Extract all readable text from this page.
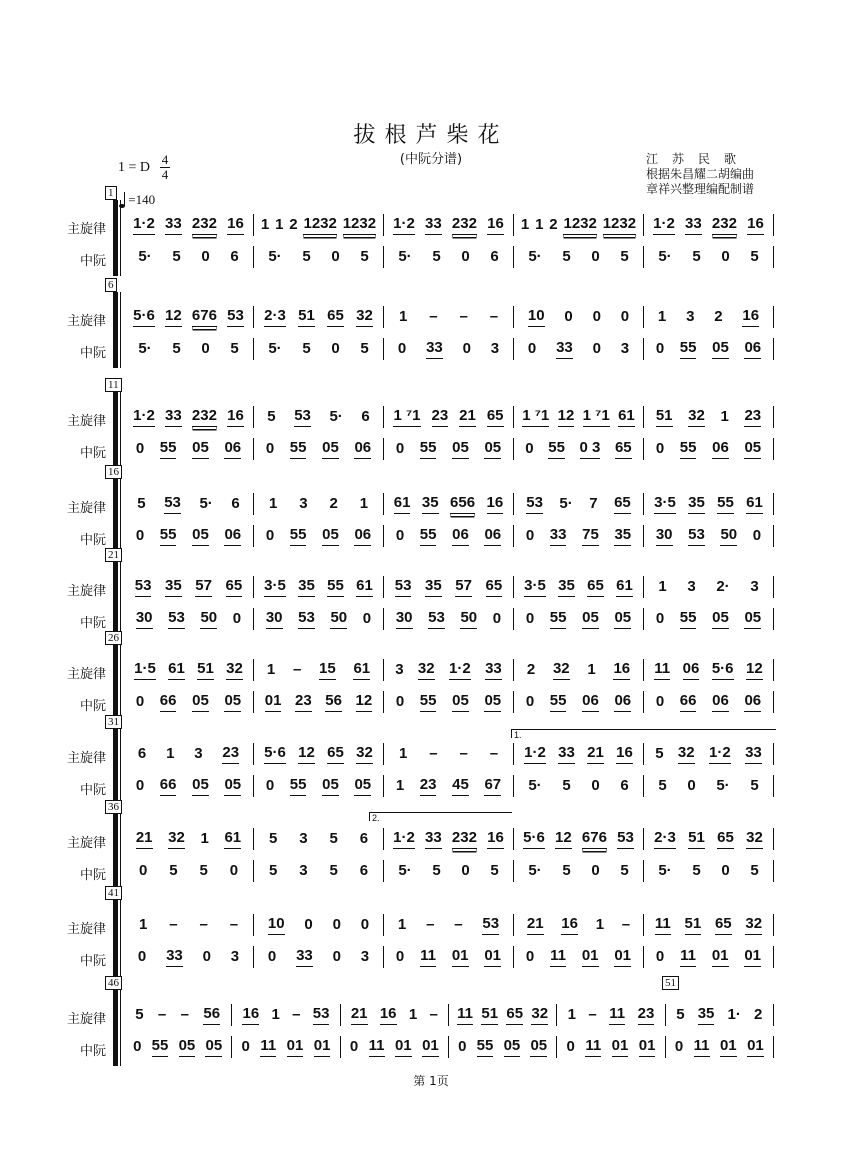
拔根芦柴花
(中阮分谱)	江苏民歌
根据朱昌耀二胡编曲
章祥兴整理编配制谱
1 = D
4
4
=140
1
主旋律
中阮
1·2 33 232 16 1 1 2 1232 1232 1·2 33 232 16 1 1 2 1232 1232 1·2 33 232 16
5· 5 0 6 5· 5 0 5 5· 5 0 6 5· 5 0 5 5· 5 0 5
6
主旋律
中阮
5·6 12 676 53 2·3 51 65 32 1 – – – 10 0 0 0 1 3 2 16
5· 5 0 5 5· 5 0 5 0 33 0 3 0 33 0 3 0 55 05 06
11
主旋律
中阮
1·2 33 232 16 5 53 5· 6 1 ⁷1 23 21 65 1 ⁷1 12 1 ⁷1 61 51 32 1 23
0 55 05 06 0 55 05 06 0 55 05 05 0 55 0 3 65 0 55 06 05
16
主旋律
中阮
5 53 5· 6 1 3 2 1 61 35 656 16 53 5· 7 65 3·5 35 55 61
0 55 05 06 0 55 05 06 0 55 06 06 0 33 75 35 30 53 50 0
21
主旋律
中阮
53 35 57 65 3·5 35 55 61 53 35 57 65 3·5 35 65 61 1 3 2· 3
30 53 50 0 30 53 50 0 30 53 50 0 0 55 05 05 0 55 05 05
26
主旋律
中阮
1·5 61 51 32 1 – 15 61 3 32 1·2 33 2 32 1 16 11 06 5·6 12
0 66 05 05 01 23 56 12 0 55 05 05 0 55 06 06 0 66 06 06
31
主旋律
中阮
6 1 3 23 5·6 12 65 32 1 – – – 1·2 33 21 16 5 32 1·2 33
0 66 05 05 0 55 05 05 1 23 45 67 5· 5 0 6 5 0 5· 5
36
主旋律
中阮
21 32 1 61 5 3 5 6 1·2 33 232 16 5·6 12 676 53 2·3 51 65 32
0 5 5 0 5 3 5 6 5· 5 0 5 5· 5 0 5 5· 5 0 5
41
主旋律
中阮
1 – – – 10 0 0 0 1 – – 53 21 16 1 – 11 51 65 32
0 33 0 3 0 33 0 3 0 11 01 01 0 11 01 01 0 11 01 01
46
主旋律
中阮
5 – – 56 16 1 – 53 21 16 1 – 11 51 65 32 1 – 11 23 5 35 1· 2
0 55 05 05 0 11 01 01 0 11 01 01 0 55 05 05 0 11 01 01 0 11 01 01
51
第 1页
1.
2.
